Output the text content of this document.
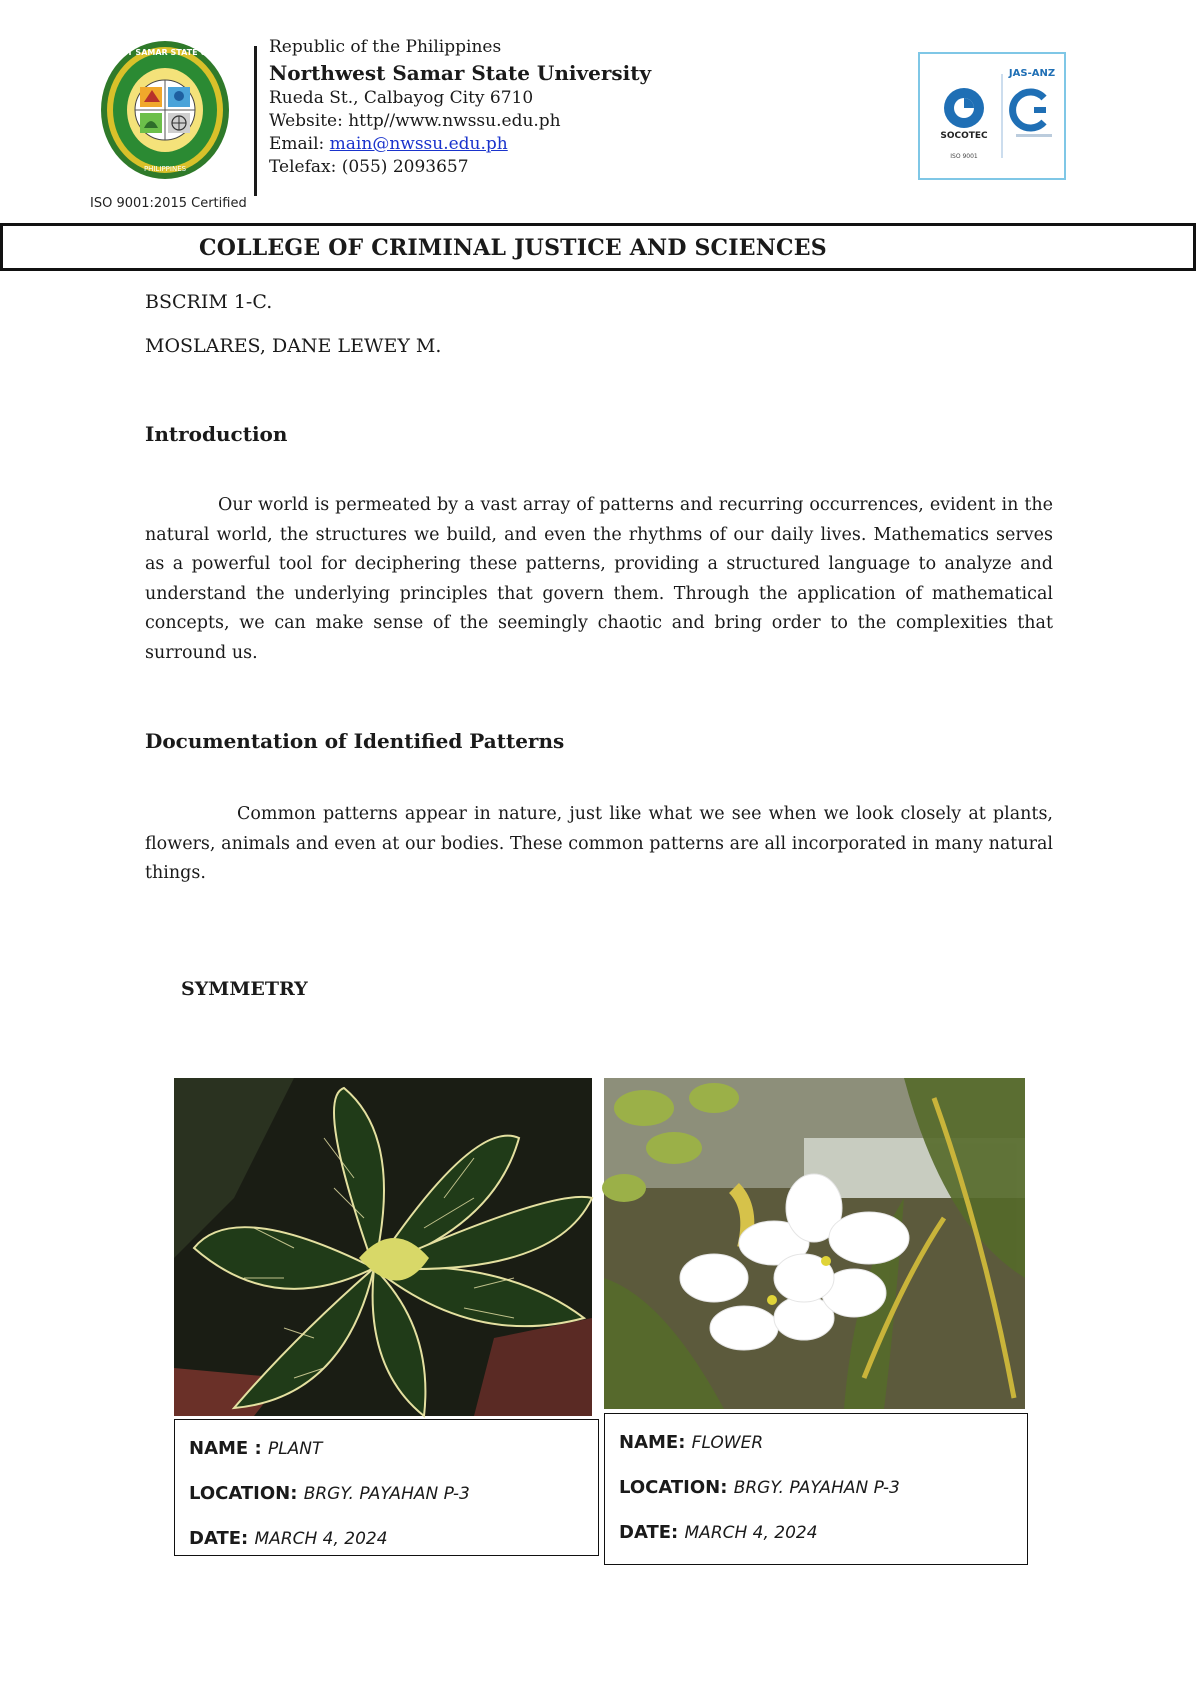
NORTHWEST SAMAR STATE UNIVERSITY
PHILIPPINES
ISO 9001:2015 Certified
Republic of the Philippines
Northwest Samar State University
Rueda St., Calbayog City 6710
Website: http//www.nwssu.edu.ph
Email: main@nwssu.edu.ph
Telefax: (055) 2093657
SOCOTEC
ISO 9001
JAS-ANZ
COLLEGE OF CRIMINAL JUSTICE AND SCIENCES
BSCRIM 1-C.
MOSLARES, DANE LEWEY M.
Introduction
Our world is permeated by a vast array of patterns and recurring occurrences, evident in the natural world, the structures we build, and even the rhythms of our daily lives. Mathematics serves as a powerful tool for deciphering these patterns, providing a structured language to analyze and understand the underlying principles that govern them. Through the application of mathematical concepts, we can make sense of the seemingly chaotic and bring order to the complexities that surround us.
Documentation of Identified Patterns
Common patterns appear in nature, just like what we see when we look closely at plants, flowers, animals and even at our bodies. These common patterns are all incorporated in many natural things.
SYMMETRY
NAME : PLANT
LOCATION: BRGY. PAYAHAN P-3
DATE: MARCH 4, 2024
NAME: FLOWER
LOCATION: BRGY. PAYAHAN P-3
DATE: MARCH 4, 2024
